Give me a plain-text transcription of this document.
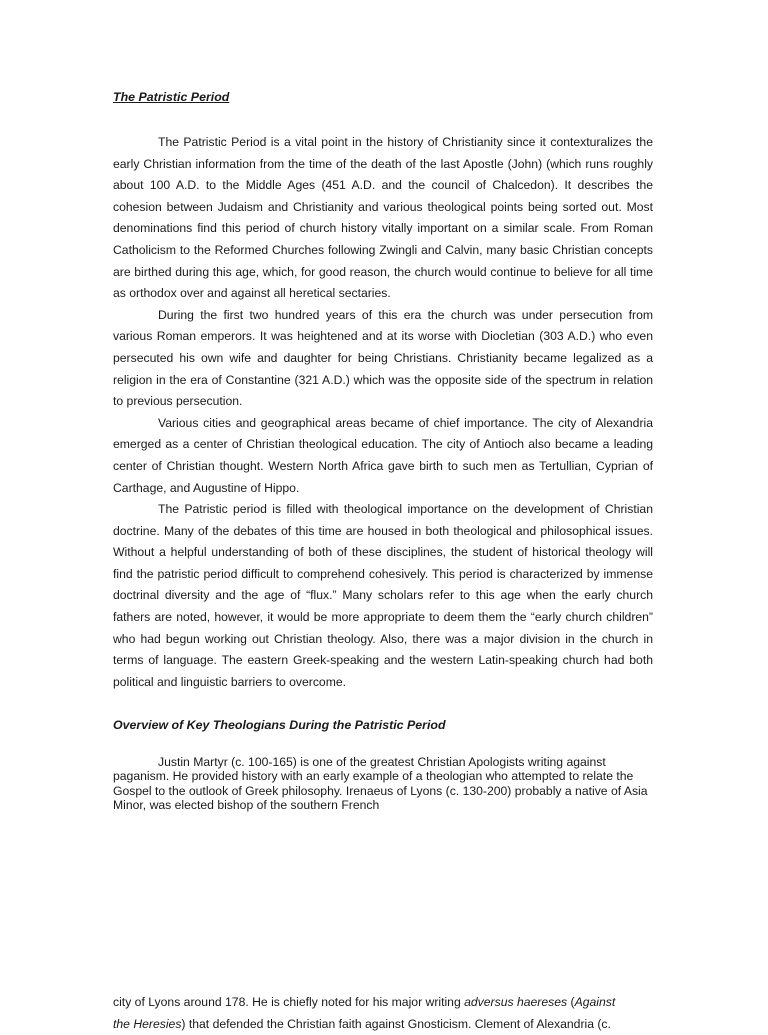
The Patristic Period

The Patristic Period is a vital point in the history of Christianity since it contexturalizes the early Christian information from the time of the death of the last Apostle (John) (which runs roughly about 100 A.D. to the Middle Ages (451 A.D. and the council of Chalcedon). It describes the cohesion between Judaism and Christianity and various theological points being sorted out. Most denominations find this period of church history vitally important on a similar scale. From Roman Catholicism to the Reformed Churches following Zwingli and Calvin, many basic Christian concepts are birthed during this age, which, for good reason, the church would continue to believe for all time as orthodox over and against all heretical sectaries.

During the first two hundred years of this era the church was under persecution from various Roman emperors. It was heightened and at its worse with Diocletian (303 A.D.) who even persecuted his own wife and daughter for being Christians. Christianity became legalized as a religion in the era of Constantine (321 A.D.) which was the opposite side of the spectrum in relation to previous persecution.

Various cities and geographical areas became of chief importance. The city of Alexandria emerged as a center of Christian theological education. The city of Antioch also became a leading center of Christian thought. Western North Africa gave birth to such men as Tertullian, Cyprian of Carthage, and Augustine of Hippo.

The Patristic period is filled with theological importance on the development of Christian doctrine. Many of the debates of this time are housed in both theological and philosophical issues. Without a helpful understanding of both of these disciplines, the student of historical theology will find the patristic period difficult to comprehend cohesively. This period is characterized by immense doctrinal diversity and the age of “flux.” Many scholars refer to this age when the early church fathers are noted, however, it would be more appropriate to deem them the “early church children” who had begun working out Christian theology. Also, there was a major division in the church in terms of language. The eastern Greek-speaking and the western Latin-speaking church had both political and linguistic barriers to overcome.

Overview of Key Theologians During the Patristic Period

Justin Martyr (c. 100-165) is one of the greatest Christian Apologists writing against paganism. He provided history with an early example of a theologian who attempted to relate the Gospel to the outlook of Greek philosophy. Irenaeus of Lyons (c. 130-200) probably a native of Asia Minor, was elected bishop of the southern French

city of Lyons around 178. He is chiefly noted for his major writing adversus haereses (Against

the Heresies) that defended the Christian faith against Gnosticism. Clement of Alexandria (c.
